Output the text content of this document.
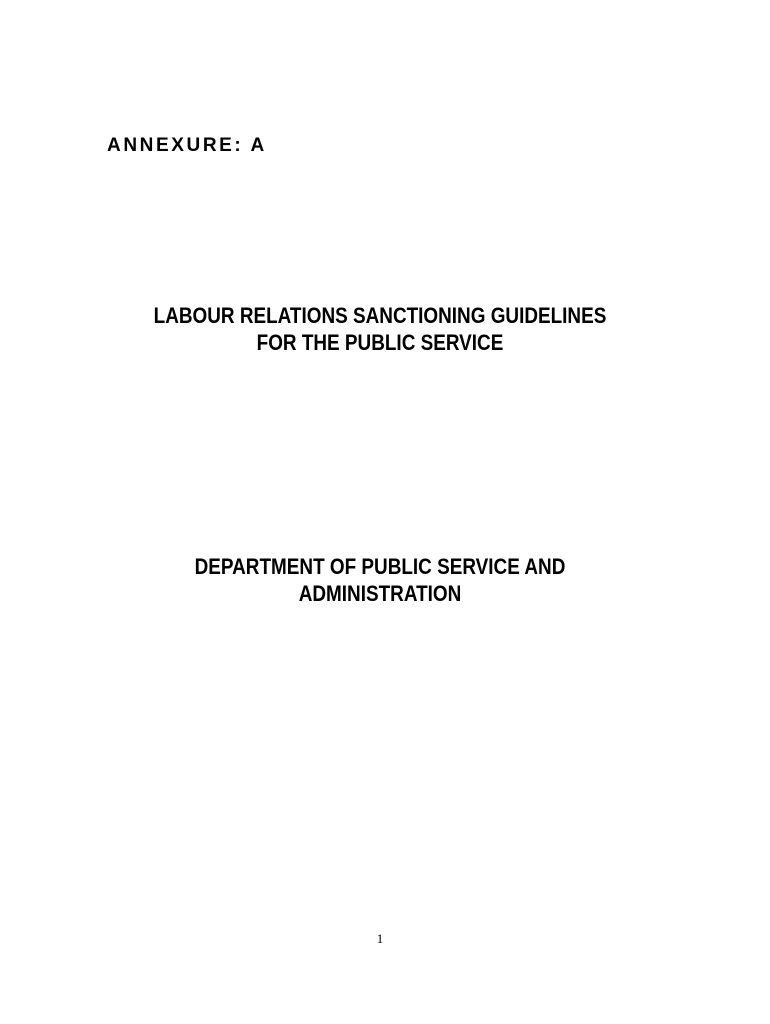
ANNEXURE: A
LABOUR RELATIONS SANCTIONING GUIDELINES
FOR THE PUBLIC SERVICE
DEPARTMENT OF PUBLIC SERVICE AND
ADMINISTRATION
1
